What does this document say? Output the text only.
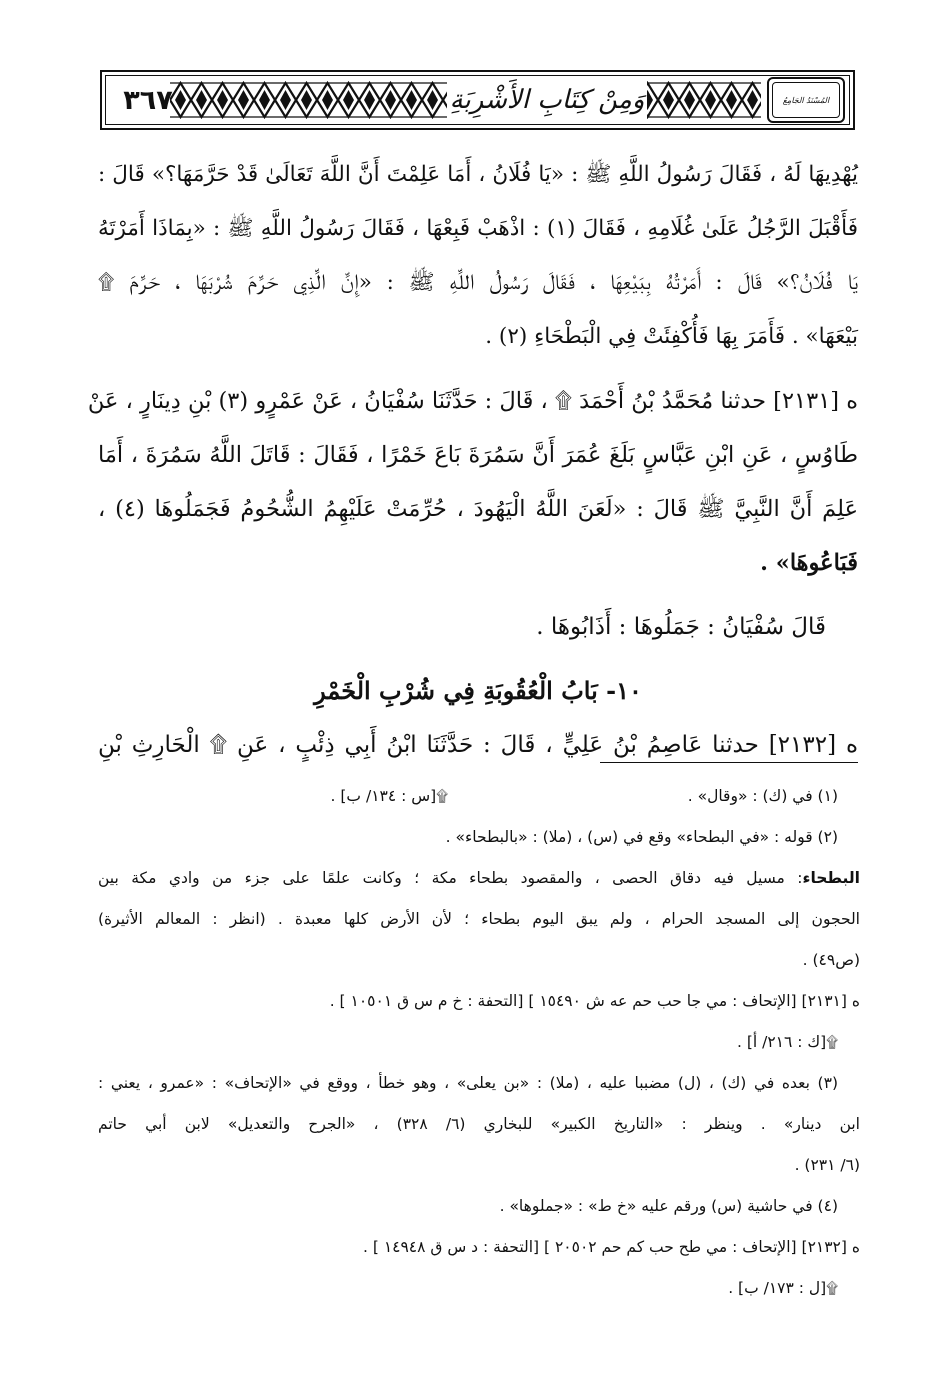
٣٦٧	وَمِنْ كِتَابِ الأَشْرِبَةِ	المُسْنَدُ الجَامِعُ
يُهْدِيهَا لَهُ ، فَقَالَ رَسُولُ اللَّهِ ﷺ : «يَا فُلَانُ ، أَمَا عَلِمْتَ أَنَّ اللَّهَ تَعَالَىٰ قَدْ حَرَّمَهَا؟» قَالَ :
فَأَقْبَلَ الرَّجُلُ عَلَىٰ غُلَامِهِ ، فَقَالَ (١) : اذْهَبْ فَبِعْهَا ، فَقَالَ رَسُولُ اللَّهِ ﷺ : «بِمَاذَا أَمَرْتَهُ
يَا فُلَانُ؟» قَالَ : أَمَرْتُهُ بِبَيْعِهَا ، فَقَالَ رَسُولُ اللَّهِ ﷺ : «إِنَّ الَّذِي حَرَّمَ شُرْبَهَا ، حَرَّمَ ۩
بَيْعَهَا» . فَأَمَرَ بِهَا فَأُكْفِئَتْ فِي الْبَطْحَاءِ (٢) .
ه [٢١٣١] حدثنا مُحَمَّدُ بْنُ أَحْمَدَ ۩ ، قَالَ : حَدَّثَنَا سُفْيَانُ ، عَنْ عَمْرٍو (٣) بْنِ دِينَارٍ ، عَنْ
طَاوُسٍ ، عَنِ ابْنِ عَبَّاسٍ بَلَغَ عُمَرَ أَنَّ سَمُرَةَ بَاعَ خَمْرًا ، فَقَالَ : قَاتَلَ اللَّهُ سَمُرَةَ ، أَمَا
عَلِمَ أَنَّ النَّبِيَّ ﷺ قَالَ : «لَعَنَ اللَّهُ الْيَهُودَ ، حُرِّمَتْ عَلَيْهِمُ الشُّحُومُ فَجَمَلُوهَا (٤) ،
فَبَاعُوهَا» .
قَالَ سُفْيَانُ : جَمَلُوهَا : أَذَابُوهَا .
١٠- بَابُ الْعُقُوبَةِ فِي شُرْبِ الْخَمْرِ
ه [٢١٣٢] حدثنا عَاصِمُ بْنُ عَلِيٍّ ، قَالَ : حَدَّثَنَا ابْنُ أَبِي ذِئْبٍ ، عَنِ ۩ الْحَارِثِ بْنِ
(١) في (ك) : «وقال» .
۩[س : ١٣٤/ ب] .
(٢) قوله : «في البطحاء» وقع في (س) ، (ملا) : «بالبطحاء» .
البطحاء: مسيل فيه دقاق الحصى ، والمقصود بطحاء مكة ؛ وكانت علمًا على جزء من وادي مكة بين
الحجون إلى المسجد الحرام ، ولم يبق اليوم بطحاء ؛ لأن الأرض كلها معبدة . (انظر : المعالم الأثيرة)
(ص٤٩) .
ه [٢١٣١] [الإتحاف : مي جا حب حم عه ش ١٥٤٩٠ ] [التحفة : خ م س ق ١٠٥٠١ ] .
۩[ك : ٢١٦/ أ] .
(٣) بعده في (ك) ، (ل) مضببا عليه ، (ملا) : «بن يعلى» ، وهو خطأ ، ووقع في «الإتحاف» : «عمرو ، يعني :
ابن دينار» . وينظر : «التاريخ الكبير» للبخاري (٦/ ٣٢٨) ، «الجرح والتعديل» لابن أبي حاتم
(٦/ ٢٣١) .
(٤) في حاشية (س) ورقم عليه «خ ط» : «جملوها» .
ه [٢١٣٢] [الإتحاف : مي طح حب كم حم ٢٠٥٠٢ ] [التحفة : د س ق ١٤٩٤٨ ] .
۩[ل : ١٧٣/ ب] .
